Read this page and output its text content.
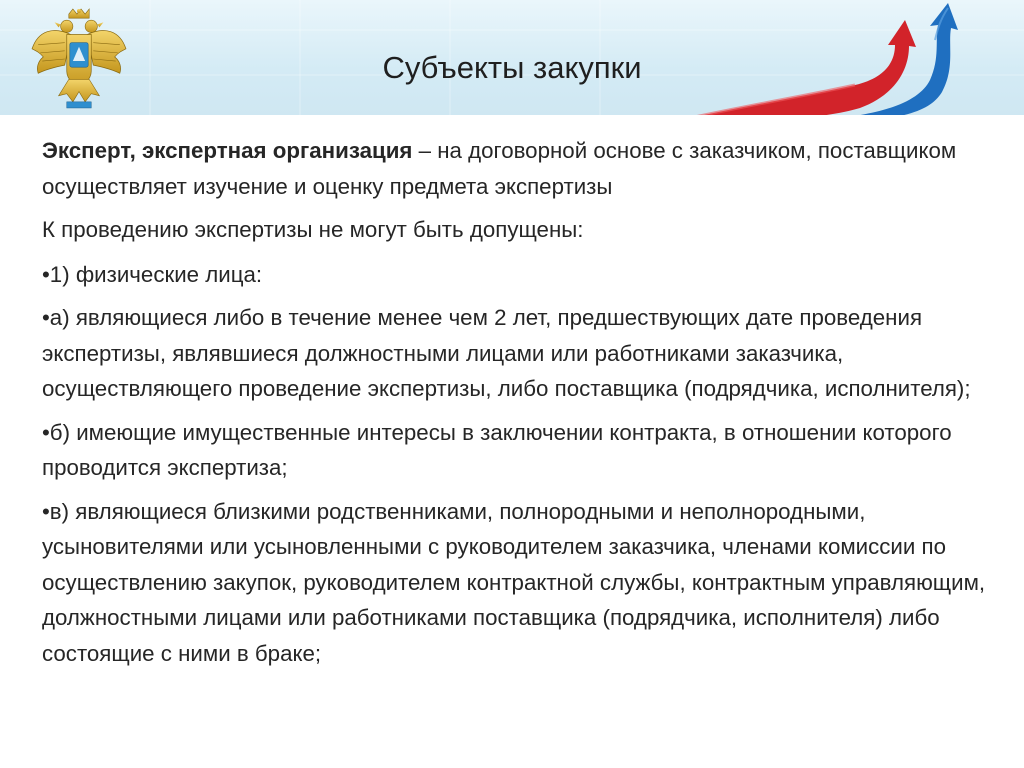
Субъекты закупки

Эксперт, экспертная организация – на договорной основе с заказчиком, поставщиком осуществляет изучение и оценку предмета экспертизы

К проведению экспертизы не могут быть допущены:

•1) физические лица:

•а) являющиеся либо в течение менее чем 2 лет, предшествующих дате проведения экспертизы, являвшиеся должностными лицами или работниками заказчика, осуществляющего проведение экспертизы, либо поставщика (подрядчика, исполнителя);

•б) имеющие имущественные интересы в заключении контракта, в отношении которого проводится экспертиза;

•в) являющиеся близкими родственниками, полнородными и неполнородными, усыновителями или усыновленными с руководителем заказчика, членами комиссии по осуществлению закупок, руководителем контрактной службы, контрактным управляющим, должностными лицами или работниками поставщика (подрядчика, исполнителя) либо состоящие с ними в браке;
